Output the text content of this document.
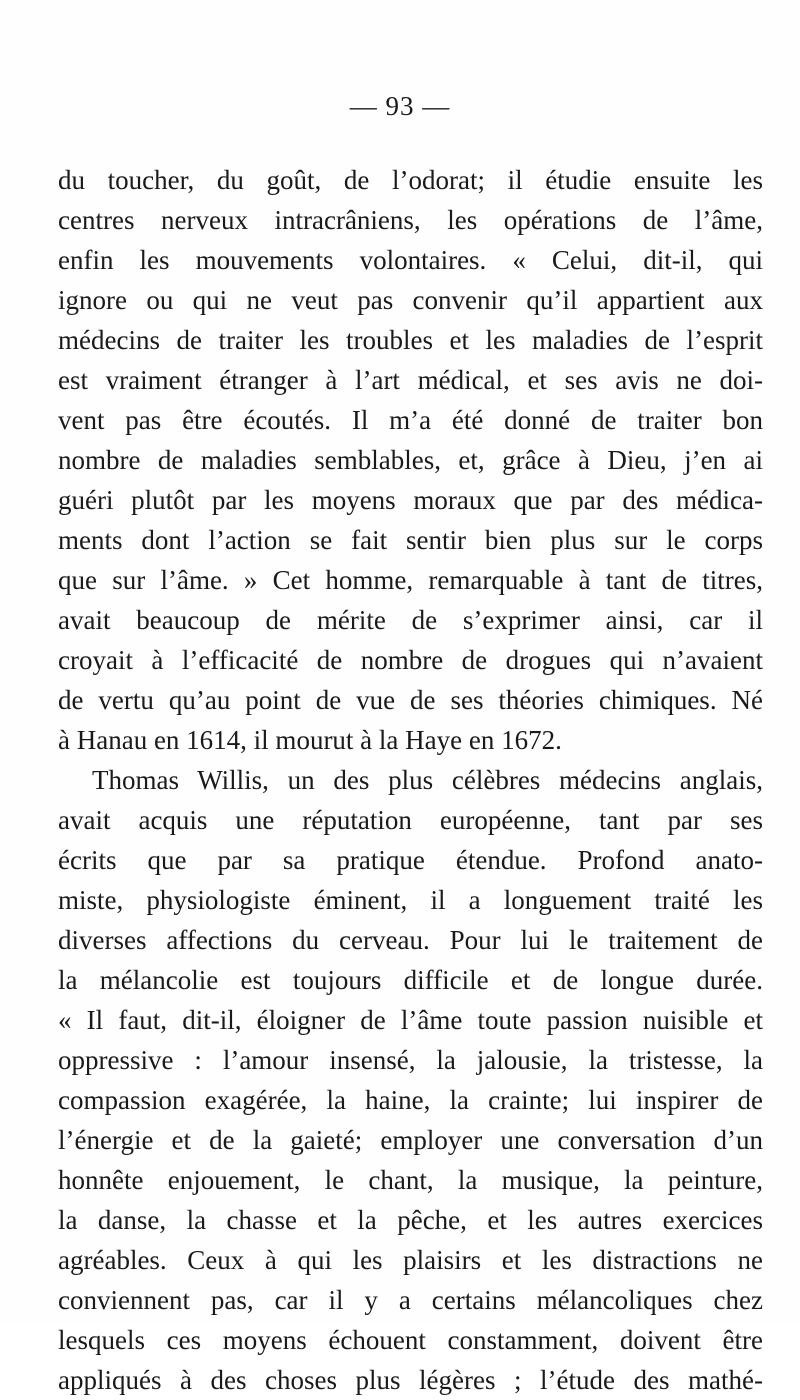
— 93 —
du toucher, du goût, de l’odorat; il étudie ensuite les
centres nerveux intracrâniens, les opérations de l’âme,
enfin les mouvements volontaires. « Celui, dit-il, qui
ignore ou qui ne veut pas convenir qu’il appartient aux
médecins de traiter les troubles et les maladies de l’esprit
est vraiment étranger à l’art médical, et ses avis ne doi-
vent pas être écoutés. Il m’a été donné de traiter bon
nombre de maladies semblables, et, grâce à Dieu, j’en ai
guéri plutôt par les moyens moraux que par des médica-
ments dont l’action se fait sentir bien plus sur le corps
que sur l’âme. » Cet homme, remarquable à tant de titres,
avait beaucoup de mérite de s’exprimer ainsi, car il
croyait à l’efficacité de nombre de drogues qui n’avaient
de vertu qu’au point de vue de ses théories chimiques. Né
à Hanau en 1614, il mourut à la Haye en 1672.
Thomas Willis, un des plus célèbres médecins anglais,
avait acquis une réputation européenne, tant par ses
écrits que par sa pratique étendue. Profond anato-
miste, physiologiste éminent, il a longuement traité les
diverses affections du cerveau. Pour lui le traitement de
la mélancolie est toujours difficile et de longue durée.
« Il faut, dit-il, éloigner de l’âme toute passion nuisible et
oppressive : l’amour insensé, la jalousie, la tristesse, la
compassion exagérée, la haine, la crainte; lui inspirer de
l’énergie et de la gaieté; employer une conversation d’un
honnête enjouement, le chant, la musique, la peinture,
la danse, la chasse et la pêche, et les autres exercices
agréables. Ceux à qui les plaisirs et les distractions ne
conviennent pas, car il y a certains mélancoliques chez
lesquels ces moyens échouent constamment, doivent être
appliqués à des choses plus légères ; l’étude des mathé-
